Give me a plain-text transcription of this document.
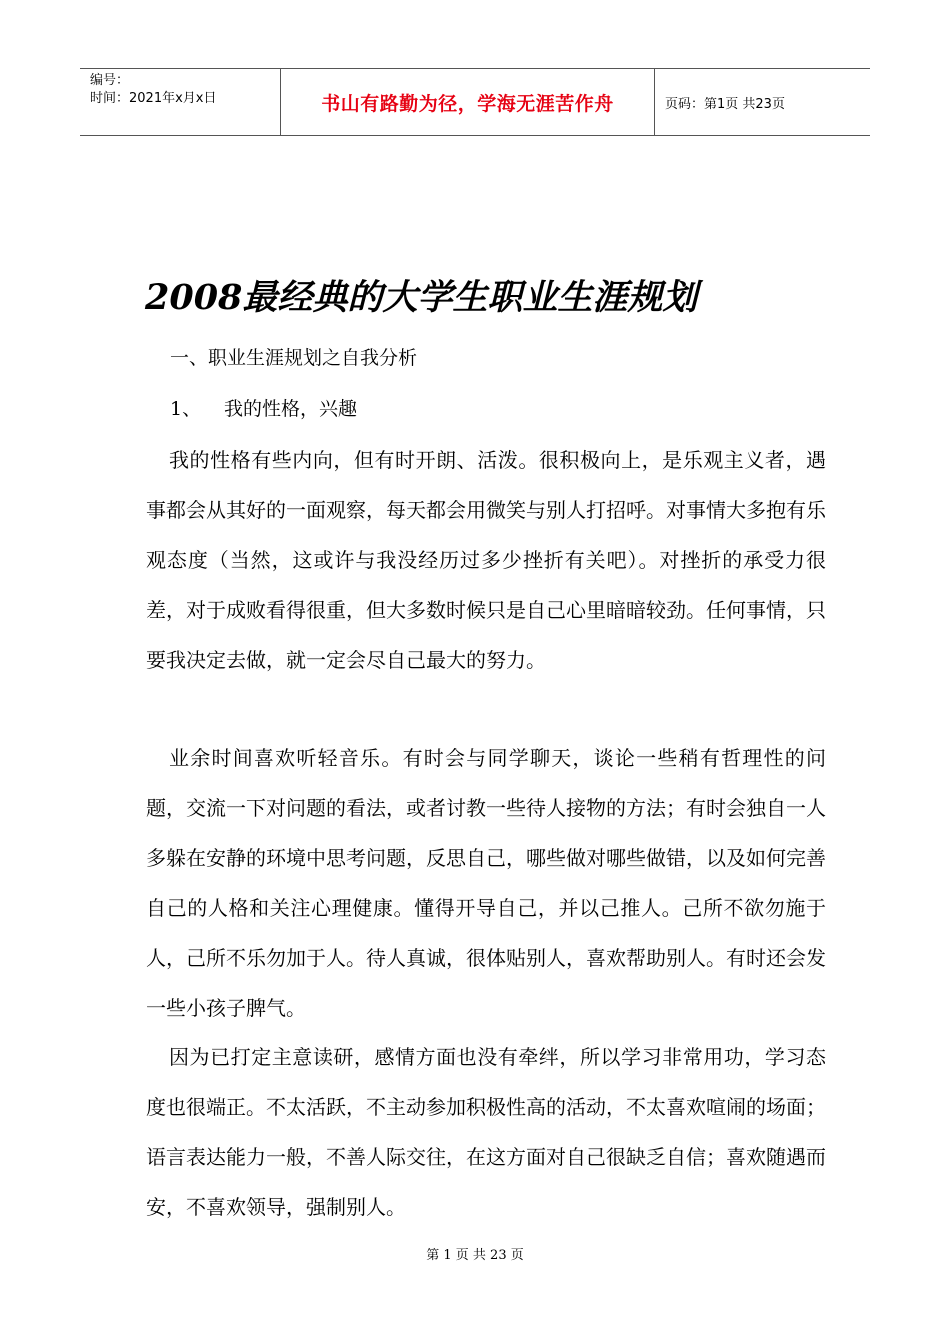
编号：
时间：2021年x月x日	书山有路勤为径，学海无涯苦作舟	页码：第1页 共23页
2008最经典的大学生职业生涯规划
一、职业生涯规划之自我分析
1、 我的性格，兴趣

我的性格有些内向，但有时开朗、活泼。很积极向上，是乐观主义者，遇事都会从其好的一面观察，每天都会用微笑与别人打招呼。对事情大多抱有乐观态度（当然，这或许与我没经历过多少挫折有关吧）。对挫折的承受力很差，对于成败看得很重，但大多数时候只是自己心里暗暗较劲。任何事情，只要我决定去做，就一定会尽自己最大的努力。

业余时间喜欢听轻音乐。有时会与同学聊天，谈论一些稍有哲理性的问题，交流一下对问题的看法，或者讨教一些待人接物的方法；有时会独自一人多躲在安静的环境中思考问题，反思自己，哪些做对哪些做错，以及如何完善自己的人格和关注心理健康。懂得开导自己，并以己推人。己所不欲勿施于人，己所不乐勿加于人。待人真诚，很体贴别人，喜欢帮助别人。有时还会发一些小孩子脾气。

因为已打定主意读研，感情方面也没有牵绊，所以学习非常用功，学习态度也很端正。不太活跃，不主动参加积极性高的活动，不太喜欢喧闹的场面；语言表达能力一般，不善人际交往，在这方面对自己很缺乏自信；喜欢随遇而安，不喜欢领导，强制别人。

第 1 页 共 23 页
